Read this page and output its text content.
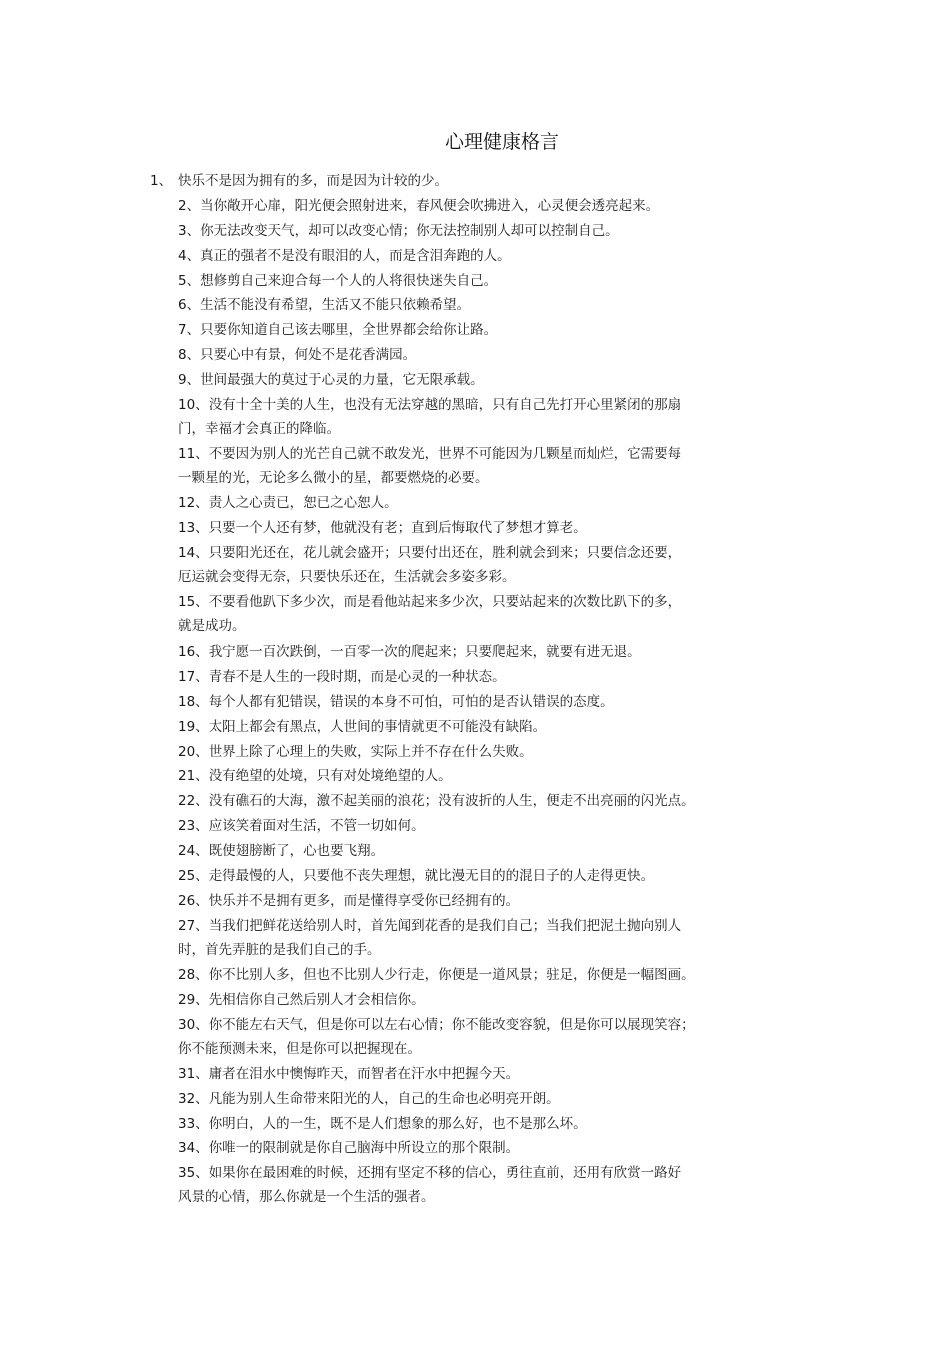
心理健康格言
1、 快乐不是因为拥有的多，而是因为计较的少。
2、当你敞开心扉，阳光便会照射进来，春风便会吹拂进入，心灵便会透亮起来。
3、你无法改变天气，却可以改变心情；你无法控制别人却可以控制自己。
4、真正的强者不是没有眼泪的人，而是含泪奔跑的人。
5、想修剪自己来迎合每一个人的人将很快迷失自己。
6、生活不能没有希望，生活又不能只依赖希望。
7、只要你知道自己该去哪里，全世界都会给你让路。
8、只要心中有景，何处不是花香满园。
9、世间最强大的莫过于心灵的力量，它无限承载。
10、没有十全十美的人生，也没有无法穿越的黑暗，只有自己先打开心里紧闭的那扇
门，幸福才会真正的降临。
11、不要因为别人的光芒自己就不敢发光，世界不可能因为几颗星而灿烂，它需要每
一颗星的光，无论多么微小的星，都要燃烧的必要。
12、责人之心责已，恕已之心恕人。
13、只要一个人还有梦，他就没有老；直到后悔取代了梦想才算老。
14、只要阳光还在，花儿就会盛开；只要付出还在，胜利就会到来；只要信念还要，
厄运就会变得无奈，只要快乐还在，生活就会多姿多彩。
15、不要看他趴下多少次，而是看他站起来多少次，只要站起来的次数比趴下的多，
就是成功。
16、我宁愿一百次跌倒，一百零一次的爬起来；只要爬起来，就要有进无退。
17、青春不是人生的一段时期，而是心灵的一种状态。
18、每个人都有犯错误，错误的本身不可怕，可怕的是否认错误的态度。
19、太阳上都会有黑点，人世间的事情就更不可能没有缺陷。
20、世界上除了心理上的失败，实际上并不存在什么失败。
21、没有绝望的处境，只有对处境绝望的人。
22、没有礁石的大海，激不起美丽的浪花；没有波折的人生，便走不出亮丽的闪光点。
23、应该笑着面对生活，不管一切如何。
24、既使翅膀断了，心也要飞翔。
25、走得最慢的人，只要他不丧失理想，就比漫无目的的混日子的人走得更快。
26、快乐并不是拥有更多，而是懂得享受你已经拥有的。
27、当我们把鲜花送给别人时，首先闻到花香的是我们自己；当我们把泥土抛向别人
时，首先弄脏的是我们自己的手。
28、你不比别人多，但也不比别人少行走，你便是一道风景；驻足，你便是一幅图画。
29、先相信你自己然后别人才会相信你。
30、你不能左右天气，但是你可以左右心情；你不能改变容貌，但是你可以展现笑容；
你不能预测未来，但是你可以把握现在。
31、庸者在泪水中懊悔昨天，而智者在汗水中把握今天。
32、凡能为别人生命带来阳光的人，自己的生命也必明亮开朗。
33、你明白，人的一生，既不是人们想象的那么好，也不是那么坏。
34、你唯一的限制就是你自己脑海中所设立的那个限制。
35、如果你在最困难的时候，还拥有坚定不移的信心，勇往直前，还用有欣赏一路好
风景的心情，那么你就是一个生活的强者。
